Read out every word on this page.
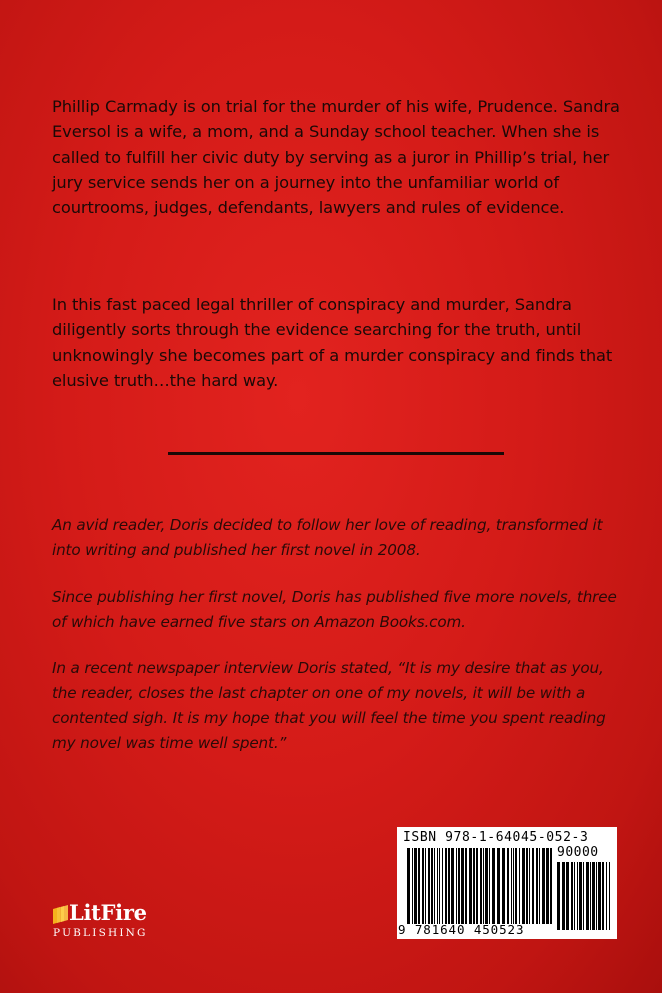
Phillip Carmady is on trial for the murder of his wife, Prudence. Sandra Eversol is a wife, a mom, and a Sunday school teacher. When she is called to fulfill her civic duty by serving as a juror in Phillip’s trial, her jury service sends her on a journey into the unfamiliar world of courtrooms, judges, defendants, lawyers and rules of evidence.

In this fast paced legal thriller of conspiracy and murder, Sandra diligently sorts through the evidence searching for the truth, until unknowingly she becomes part of a murder conspiracy and finds that elusive truth…the hard way.

An avid reader, Doris decided to follow her love of reading, transformed it into writing and published her first novel in 2008.

Since publishing her first novel, Doris has published five more novels, three of which have earned five stars on Amazon Books.com.

In a recent newspaper interview Doris stated, “It is my desire that as you, the reader, closes the last chapter on one of my novels, it will be with a contented sigh. It is my hope that you will feel the time you spent reading my novel was time well spent.”

ISBN 978-1-64045-052-3
90000
9 781640 450523
LitFire
PUBLISHING
